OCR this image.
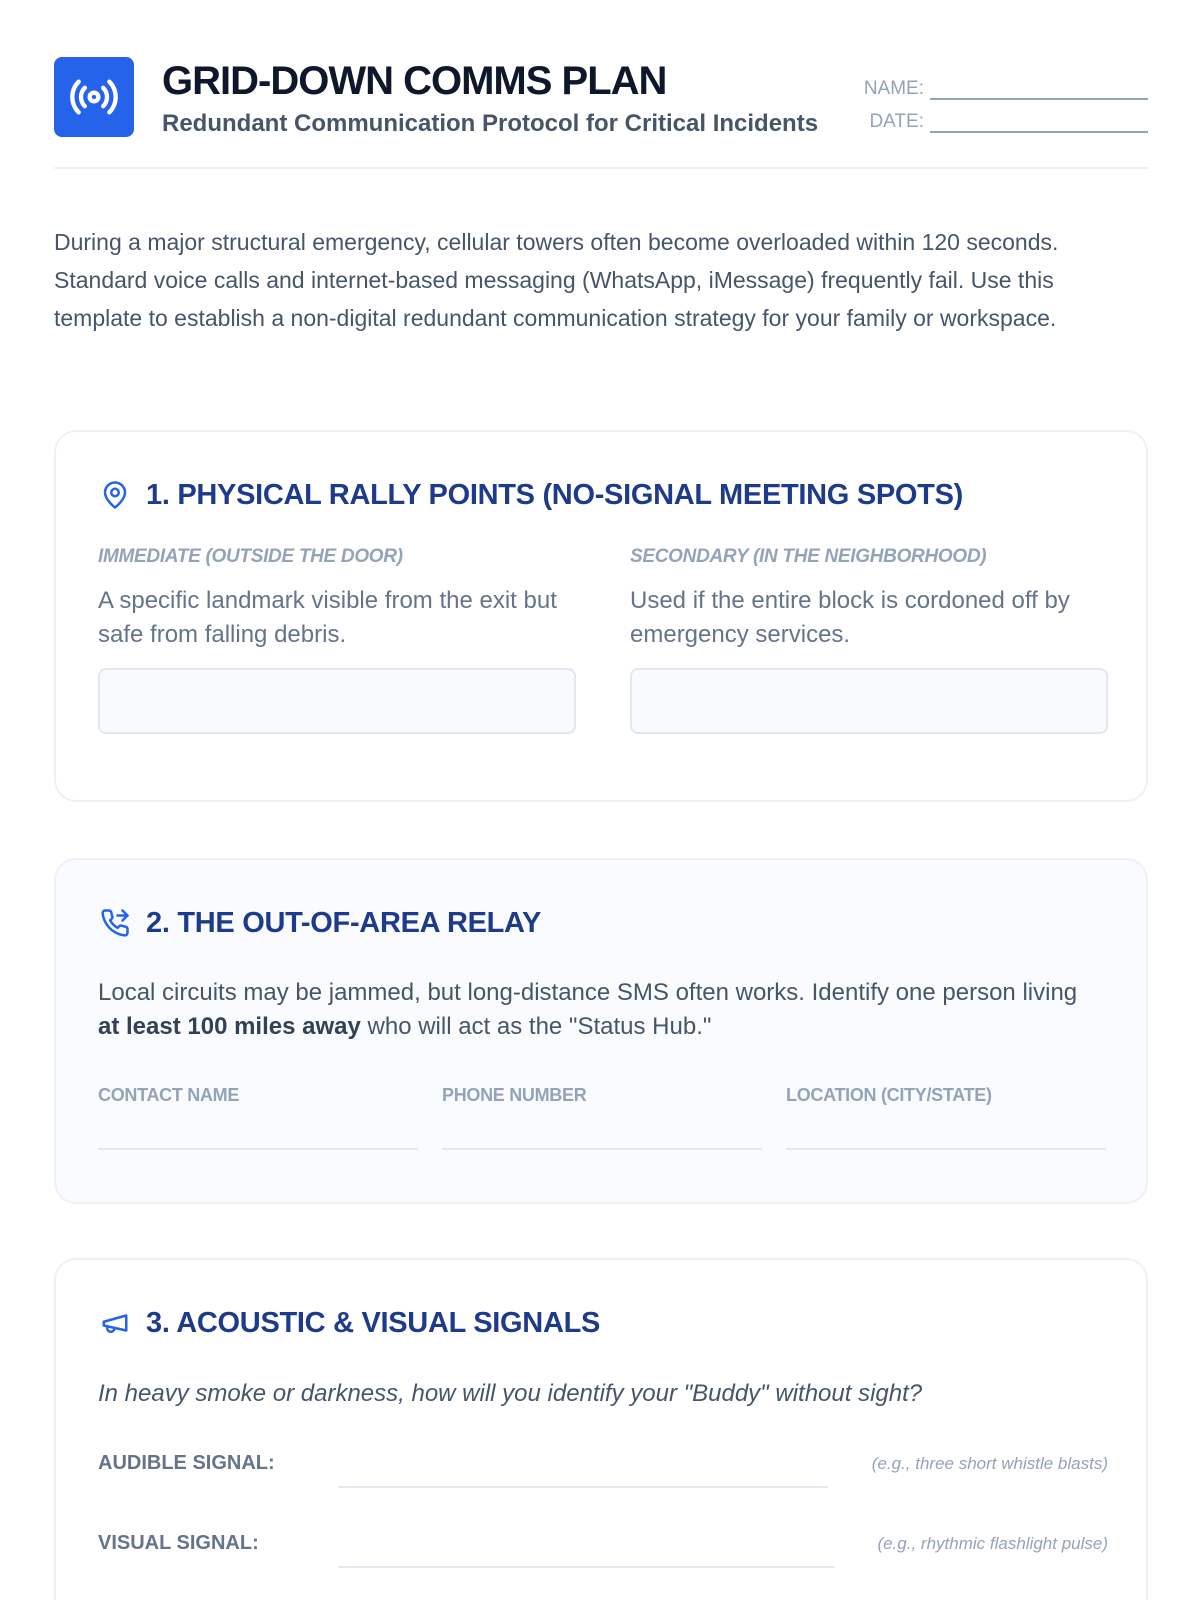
GRID-DOWN COMMS PLAN
Redundant Communication Protocol for Critical Incidents
NAME:
DATE:

During a major structural emergency, cellular towers often become overloaded within 120 seconds. Standard voice calls and internet-based messaging (WhatsApp, iMessage) frequently fail. Use this template to establish a non-digital redundant communication strategy for your family or workspace.

1. PHYSICAL RALLY POINTS (NO-SIGNAL MEETING SPOTS)
IMMEDIATE (OUTSIDE THE DOOR)
A specific landmark visible from the exit but safe from falling debris.
SECONDARY (IN THE NEIGHBORHOOD)
Used if the entire block is cordoned off by emergency services.
2. THE OUT-OF-AREA RELAY

Local circuits may be jammed, but long-distance SMS often works. Identify one person living at least 100 miles away who will act as the "Status Hub."

CONTACT NAME	PHONE NUMBER	LOCATION (CITY/STATE)
3. ACOUSTIC & VISUAL SIGNALS

In heavy smoke or darkness, how will you identify your "Buddy" without sight?

AUDIBLE SIGNAL:	(e.g., three short whistle blasts)
VISUAL SIGNAL:	(e.g., rhythmic flashlight pulse)
